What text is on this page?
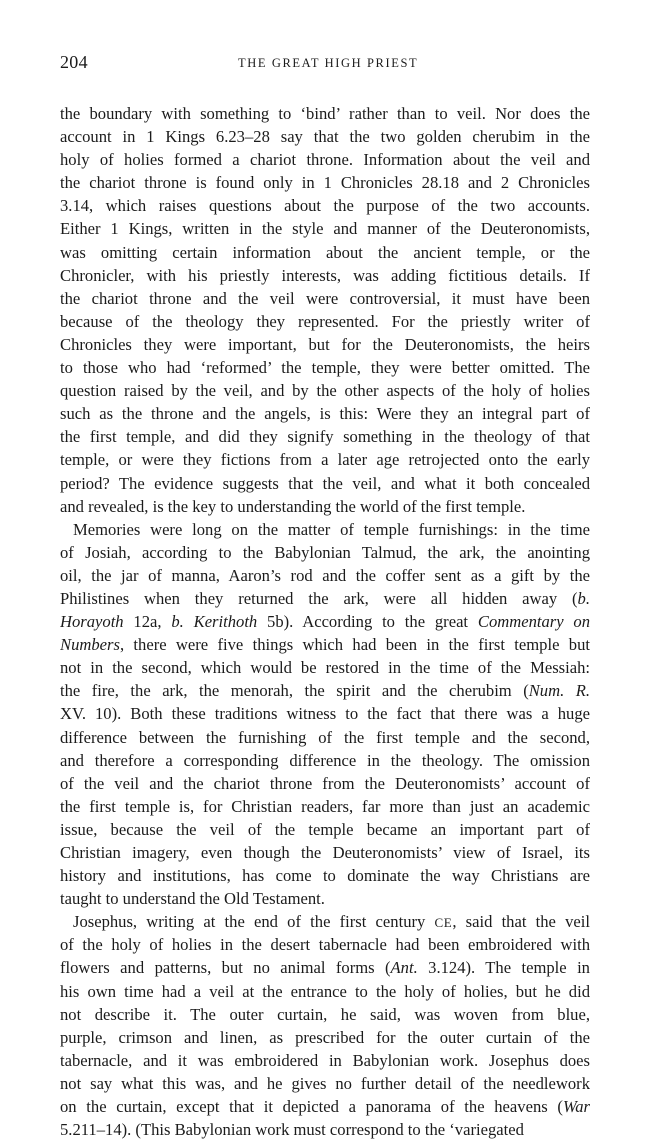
204	THE GREAT HIGH PRIEST
the boundary with something to ‘bind’ rather than to veil. Nor does the
account in 1 Kings 6.23–28 say that the two golden cherubim in the
holy of holies formed a chariot throne. Information about the veil and
the chariot throne is found only in 1 Chronicles 28.18 and 2 Chronicles
3.14, which raises questions about the purpose of the two accounts.
Either 1 Kings, written in the style and manner of the Deuteronomists,
was omitting certain information about the ancient temple, or the
Chronicler, with his priestly interests, was adding fictitious details. If
the chariot throne and the veil were controversial, it must have been
because of the theology they represented. For the priestly writer of
Chronicles they were important, but for the Deuteronomists, the heirs
to those who had ‘reformed’ the temple, they were better omitted. The
question raised by the veil, and by the other aspects of the holy of holies
such as the throne and the angels, is this: Were they an integral part of
the first temple, and did they signify something in the theology of that
temple, or were they fictions from a later age retrojected onto the early
period? The evidence suggests that the veil, and what it both concealed
and revealed, is the key to understanding the world of the first temple.
Memories were long on the matter of temple furnishings: in the time
of Josiah, according to the Babylonian Talmud, the ark, the anointing
oil, the jar of manna, Aaron’s rod and the coffer sent as a gift by the
Philistines when they returned the ark, were all hidden away (b.
Horayoth 12a, b. Kerithoth 5b). According to the great Commentary on
Numbers, there were five things which had been in the first temple but
not in the second, which would be restored in the time of the Messiah:
the fire, the ark, the menorah, the spirit and the cherubim (Num. R.
XV. 10). Both these traditions witness to the fact that there was a huge
difference between the furnishing of the first temple and the second,
and therefore a corresponding difference in the theology. The omission
of the veil and the chariot throne from the Deuteronomists’ account of
the first temple is, for Christian readers, far more than just an academic
issue, because the veil of the temple became an important part of
Christian imagery, even though the Deuteronomists’ view of Israel, its
history and institutions, has come to dominate the way Christians are
taught to understand the Old Testament.
Josephus, writing at the end of the first century CE, said that the veil
of the holy of holies in the desert tabernacle had been embroidered with
flowers and patterns, but no animal forms (Ant. 3.124). The temple in
his own time had a veil at the entrance to the holy of holies, but he did
not describe it. The outer curtain, he said, was woven from blue,
purple, crimson and linen, as prescribed for the outer curtain of the
tabernacle, and it was embroidered in Babylonian work. Josephus does
not say what this was, and he gives no further detail of the needlework
on the curtain, except that it depicted a panorama of the heavens (War
5.211–14). (This Babylonian work must correspond to the ‘variegated
